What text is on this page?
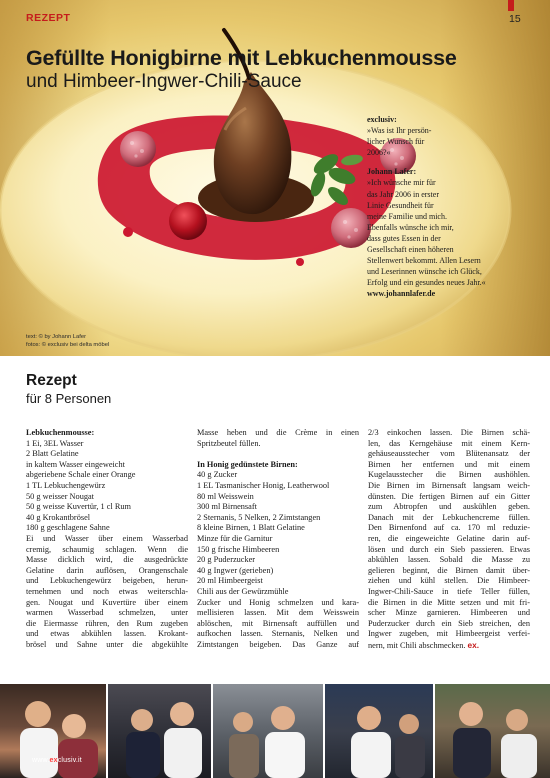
REZEPT	15
Gefüllte Honigbirne mit Lebkuchenmousse
und Himbeer-Ingwer-Chili-Sauce
exclusiv:
»Was ist Ihr persön-
licher Wunsch für
2006?«
Johann Lafer:
»Ich wünsche mir für
das Jahr 2006 in erster
Linie Gesundheit für
meine Familie und mich.
Ebenfalls wünsche ich mir,
dass gutes Essen in der
Gesellschaft einen höheren
Stellenwert bekommt. Allen Lesern
und Leserinnen wünsche ich Glück,
Erfolg und ein gesundes neues Jahr.«
www.johannlafer.de
text: © by Johann Lafer
fotos: © exclusiv bei delta möbel
Rezept
für 8 Personen
Lebkuchenmousse:
1 Ei, 3EL Wasser
2 Blatt Gelatine
in kaltem Wasser eingeweicht
abgeriebene Schale einer Orange
1 TL Lebkuchengewürz
50 g weisser Nougat
50 g weisse Kuvertür, 1 cl Rum
40 g Krokantbrösel
180 g geschlagene Sahne
Ei und Wasser über einem Wasserbad
cremig, schaumig schlagen. Wenn die
Masse dicklich wird, die ausgedrückte
Gelatine darin auflösen, Orangenschale
und Lebkuchengewürz beigeben, herun-
ternehmen und noch etwas weiterschla-
gen. Nougat und Kuvertüre über einem
warmen Wasserbad schmelzen, unter
die Eiermasse rühren, den Rum zugeben
und etwas abkühlen lassen. Krokant-
brösel und Sahne unter die abgekühlte
Masse heben und die Crème in einen
Spritzbeutel füllen.
In Honig gedünstete Birnen:
40 g Zucker
1 EL Tasmanischer Honig, Leatherwool
80 ml Weisswein
300 ml Birnensaft
2 Sternanis, 5 Nelken, 2 Zimtstangen
8 kleine Birnen, 1 Blatt Gelatine
Minze für die Garnitur
150 g frische Himbeeren
20 g Puderzucker
40 g Ingwer (gerieben)
20 ml Himbeergeist
Chili aus der Gewürzmühle
Zucker und Honig schmelzen und kara-
mellisieren lassen. Mit dem Weisswein
ablöschen, mit Birnensaft auffüllen und
aufkochen lassen. Sternanis, Nelken und
Zimtstangen beigeben. Das Ganze auf
2/3 einkochen lassen. Die Birnen schä-
len, das Kerngehäuse mit einem Kern-
gehäuseausstecher vom Blütenansatz der
Birnen her entfernen und mit einem
Kugelausstecher die Birnen aushöhlen.
Die Birnen im Birnensaft langsam weich-
dünsten. Die fertigen Birnen auf ein Gitter
zum Abtropfen und auskühlen geben.
Danach mit der Lebkuchencreme füllen.
Den Birnenfond auf ca. 170 ml reduzie-
ren, die eingeweichte Gelatine darin auf-
lösen und durch ein Sieb passieren. Etwas
abkühlen lassen. Sobald die Masse zu
gelieren beginnt, die Birnen damit über-
ziehen und kühl stellen. Die Himbeer-
Ingwer-Chili-Sauce in tiefe Teller füllen,
die Birnen in die Mitte setzen und mit fri-
scher Minze garnieren. Himbeeren und
Puderzucker durch ein Sieb streichen, den
Ingwer zugeben, mit Himbeergeist verfei-
nern, mit Chili abschmecken. ex.
www.exclusiv.it
